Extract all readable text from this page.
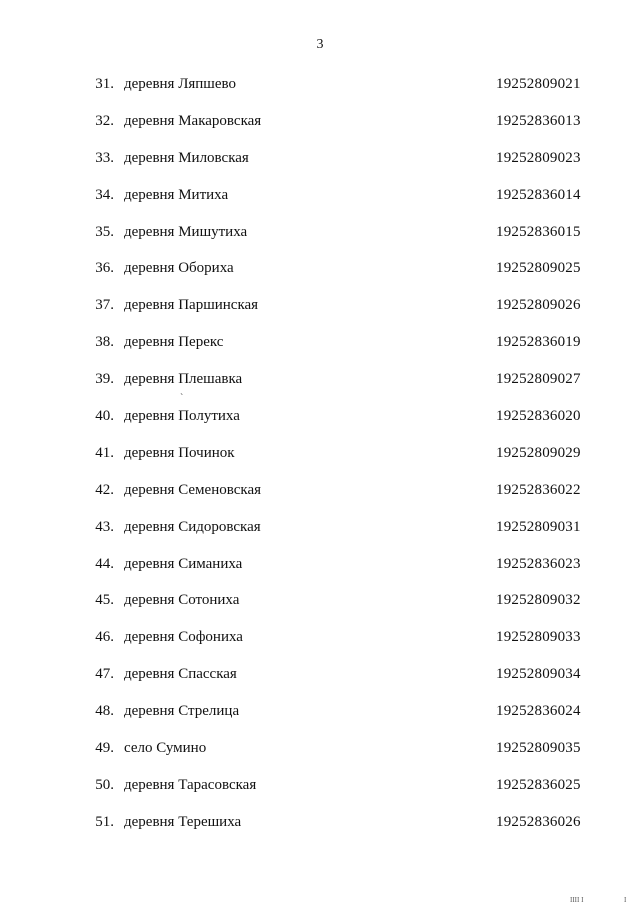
3
31. деревня Ляпшево	19252809021
32. деревня Макаровская	19252836013
33. деревня Миловская	19252809023
34. деревня Митиха	19252836014
35. деревня Мишутиха	19252836015
36. деревня Обориха	19252809025
37. деревня Паршинская	19252809026
38. деревня Перекс	19252836019
39. деревня Плешавка	19252809027
40. деревня Полутиха	19252836020
41. деревня Починок	19252809029
42. деревня Семеновская	19252836022
43. деревня Сидоровская	19252809031
44. деревня Симаниха	19252836023
45. деревня Сотониха	19252809032
46. деревня Софониха	19252809033
47. деревня Спасская	19252809034
48. деревня Стрелица	19252836024
49. село Сумино	19252809035
50. деревня Тарасовская	19252836025
51. деревня Терешиха	19252836026
`
IIII I	I
